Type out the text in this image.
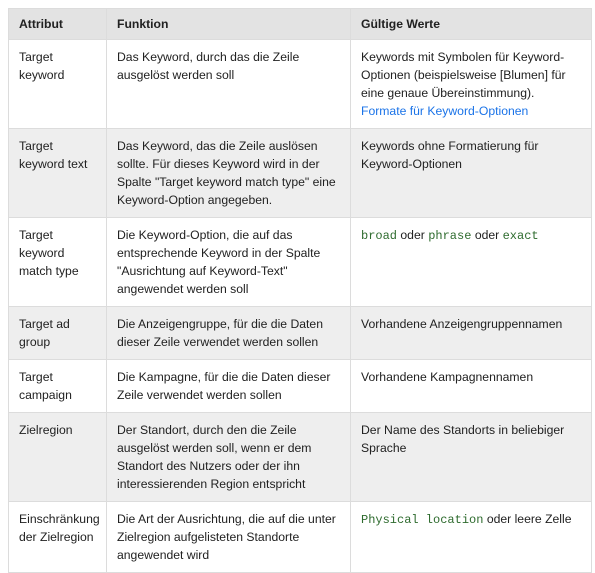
Attribut	Funktion	Gültige Werte
Target keyword	Das Keyword, durch das die Zeile ausgelöst werden soll	Keywords mit Symbolen für Keyword-Optionen (beispielsweise [Blumen] für eine genaue Übereinstimmung). Formate für Keyword-Optionen
Target keyword text	Das Keyword, das die Zeile auslösen sollte. Für dieses Keyword wird in der Spalte "Target keyword match type" eine Keyword-Option angegeben.	Keywords ohne Formatierung für Keyword-Optionen
Target keyword match type	Die Keyword-Option, die auf das entsprechende Keyword in der Spalte "Ausrichtung auf Keyword-Text" angewendet werden soll	broad oder phrase oder exact
Target ad group	Die Anzeigengruppe, für die die Daten dieser Zeile verwendet werden sollen	Vorhandene Anzeigengruppennamen
Target campaign	Die Kampagne, für die die Daten dieser Zeile verwendet werden sollen	Vorhandene Kampagnennamen
Zielregion	Der Standort, durch den die Zeile ausgelöst werden soll, wenn er dem Standort des Nutzers oder der ihn interessierenden Region entspricht	Der Name des Standorts in beliebiger Sprache
Einschränkung der Zielregion	Die Art der Ausrichtung, die auf die unter Zielregion aufgelisteten Standorte angewendet wird	Physical location oder leere Zelle
